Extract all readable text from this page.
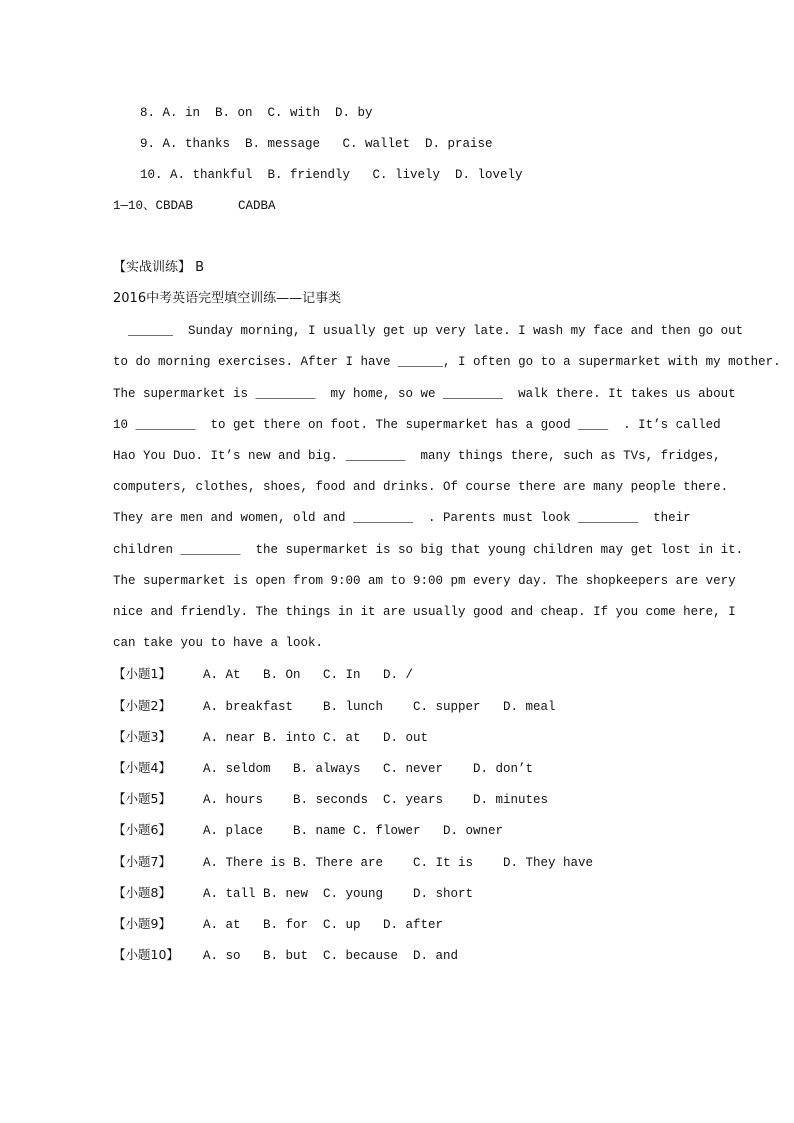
8. A. in  B. on  C. with  D. by
9. A. thanks  B. message   C. wallet  D. praise
10. A. thankful  B. friendly   C. lively  D. lovely
1—10、CBDAB      CADBA
【实战训练】 B
2016中考英语完型填空训练——记事类
______  Sunday morning, I usually get up very late. I wash my face and then go out
to do morning exercises. After I have ______, I often go to a supermarket with my mother.
The supermarket is ________  my home, so we ________  walk there. It takes us about
10 ________  to get there on foot. The supermarket has a good ____  . It’s called
Hao You Duo. It’s new and big. ________  many things there, such as TVs, fridges,
computers, clothes, shoes, food and drinks. Of course there are many people there.
They are men and women, old and ________  . Parents must look ________  their
children ________  the supermarket is so big that young children may get lost in it.
The supermarket is open from 9:00 am to 9:00 pm every day. The shopkeepers are very
nice and friendly. The things in it are usually good and cheap. If you come here, I
can take you to have a look.
【小题1】	A. At   B. On   C. In   D. /
【小题2】	A. breakfast    B. lunch    C. supper   D. meal
【小题3】	A. near B. into C. at   D. out
【小题4】	A. seldom   B. always   C. never    D. don’t
【小题5】	A. hours    B. seconds  C. years    D. minutes
【小题6】	A. place    B. name C. flower   D. owner
【小题7】	A. There is B. There are    C. It is    D. They have
【小题8】	A. tall B. new  C. young    D. short
【小题9】	A. at   B. for  C. up   D. after
【小题10】 A. so   B. but  C. because  D. and
